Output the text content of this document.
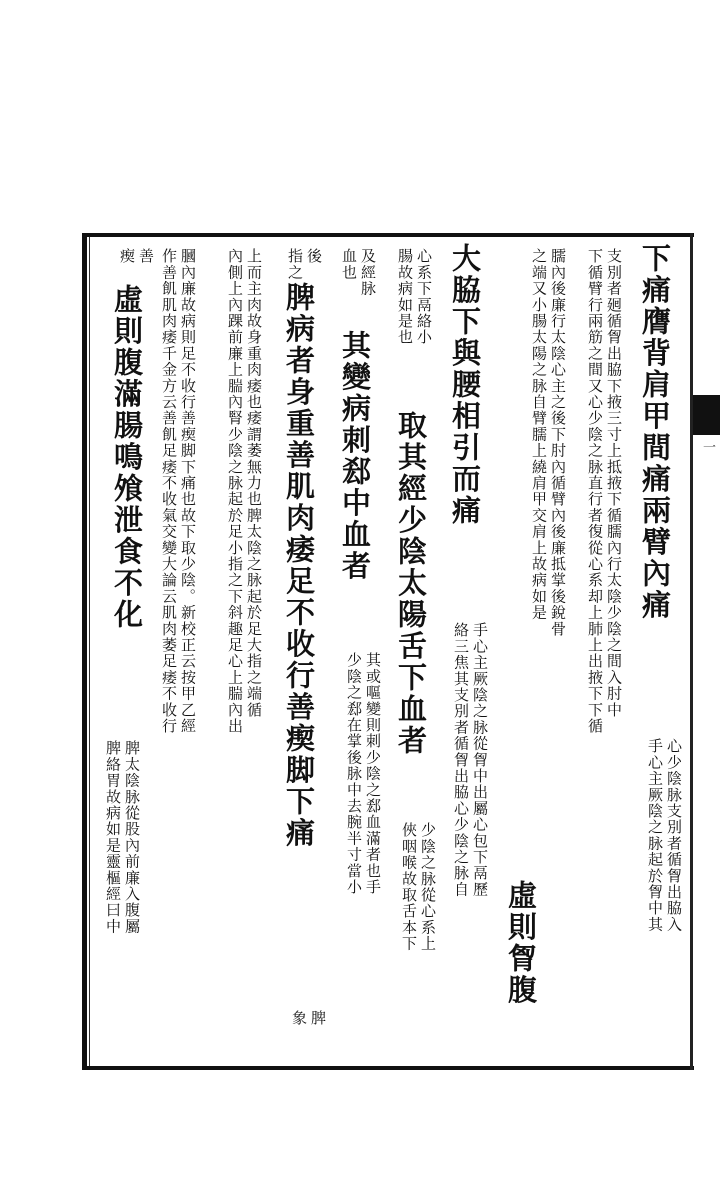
一
下痛膺背肩甲間痛兩臂內痛
心少陰脉支別者循胷出脇入
手心主厥陰之脉起於胷中其
支別者𢌞循胷出脇下掖三寸上抵掖下循臑內行太陰少陰之間入肘中
下循臂行兩筋之間又心少陰之脉直行者復從心系却上肺上出掖下下循
臑內後廉行太陰心主之後下肘內循臂內後廉抵掌後銳骨
之端又小腸太陽之脉自臂臑上繞肩甲交肩上故病如是
虛則胷腹
大脇下與腰相引而痛
手心主厥陰之脉從胷中出屬心包下鬲歷
絡三焦其支別者循胷出脇心少陰之脉自
心系下鬲絡小
腸故病如是也
取其經少陰太陽舌下血者
少陰之脉從心系上
俠咽喉故取舌本下
及經脉
血也
其變病刺郄中血者
其或嘔變則刺少陰之郄血滿者也手
少陰之郄在掌後脉中去腕半寸當小
後
指之
脾病者身重善肌肉痿足不收行善瘈脚下痛
脾
象
上而主肉故身重肉痿也痿謂萎無力也脾太陰之脉起於足大指之端循
內側上內踝前廉上腨內腎少陰之脉起於足小指之下斜趣足心上腨內出
膕內廉故病則足不收行善瘈脚下痛也故下取少陰。新校正云按甲乙經
作善飢肌肉痿千金方云善飢足痿不收氣交變大論云肌肉萎足痿不收行
善
瘈
虛則腹滿腸鳴飧泄食不化
脾太陰脉從股內前廉入腹屬
脾絡胃故病如是靈樞經曰中
